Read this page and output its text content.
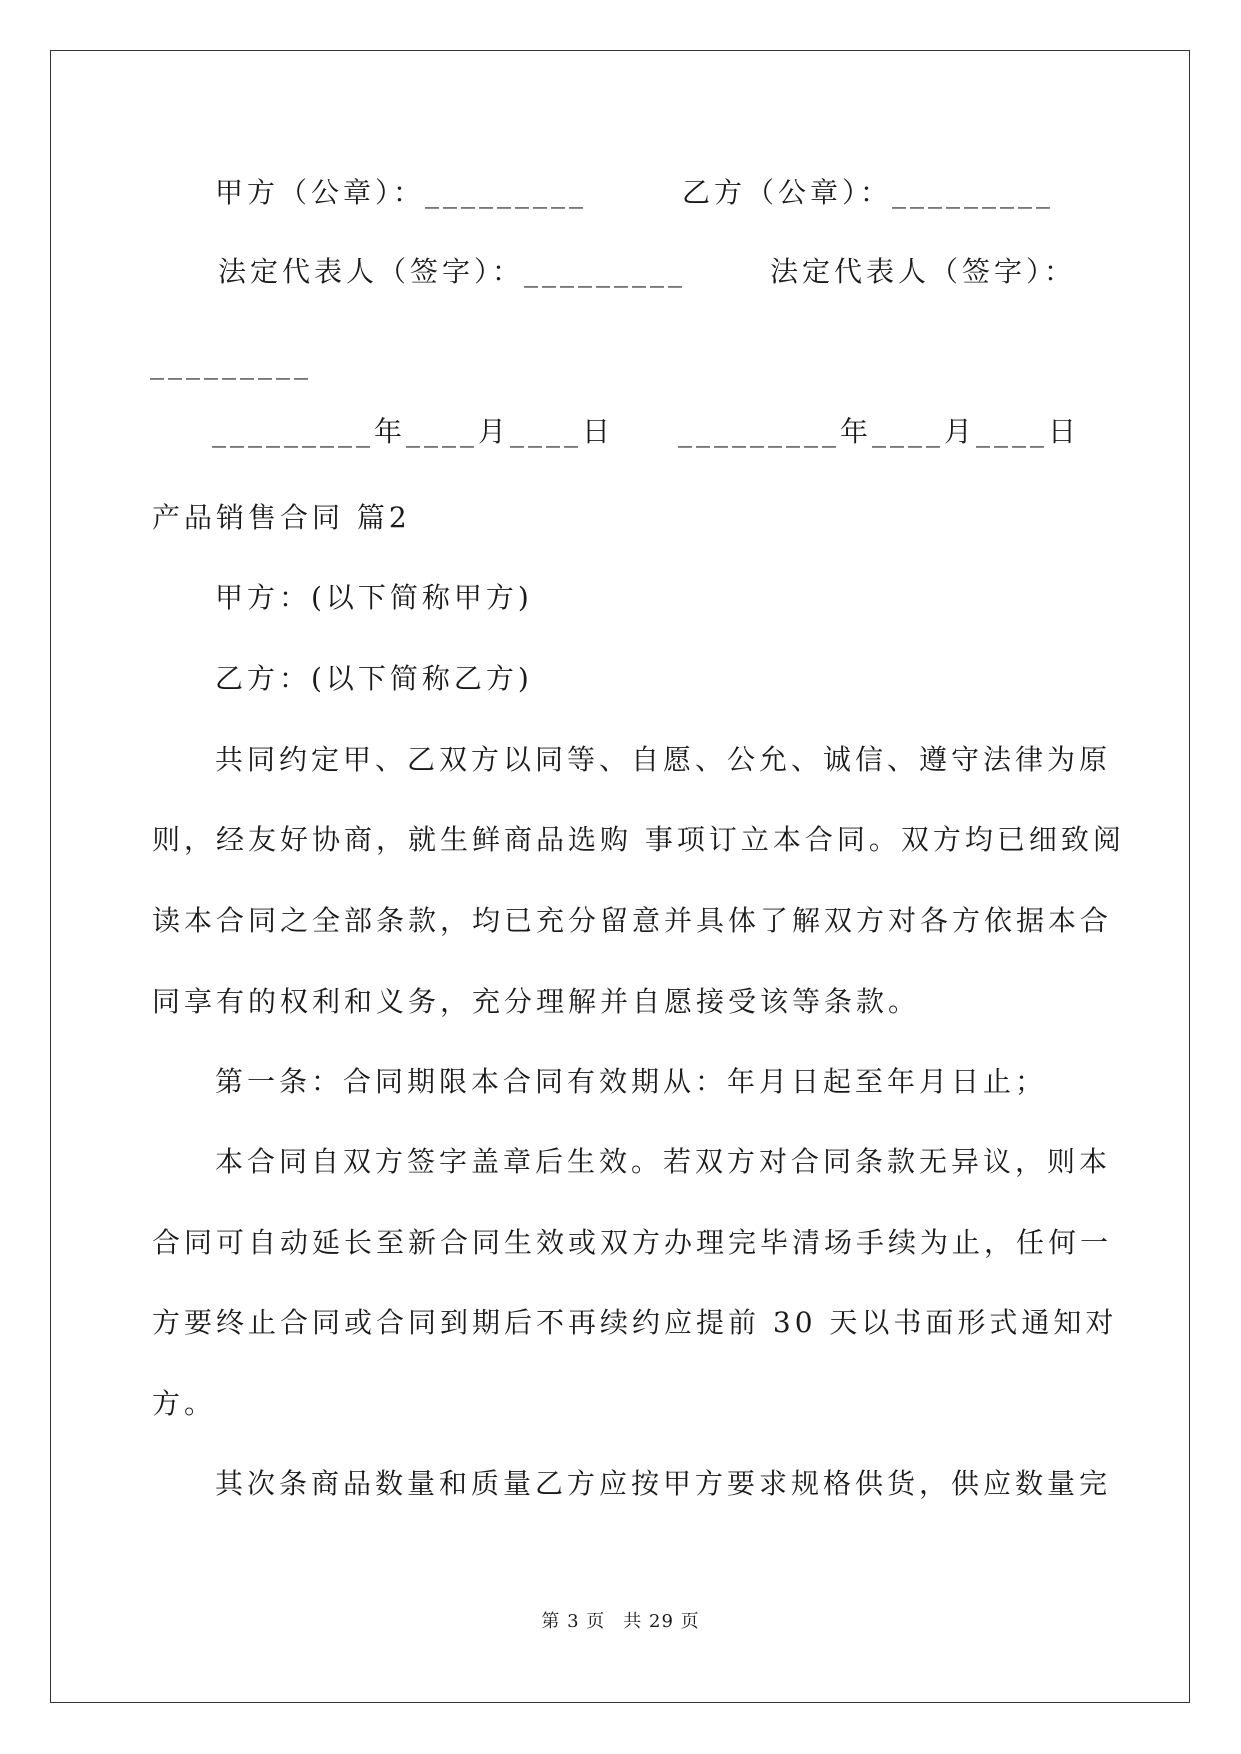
甲方（公章）：_________	乙方（公章）：_________
法定代表人（签字）：_________	法定代表人（签字）：
_________
_________年____月____日 _________年____月____日
产品销售合同 篇2
甲方：(以下简称甲方)
乙方：(以下简称乙方)
共同约定甲、乙双方以同等、自愿、公允、诚信、遵守法律为原
则，经友好协商，就生鲜商品选购 事项订立本合同。双方均已细致阅
读本合同之全部条款，均已充分留意并具体了解双方对各方依据本合
同享有的权利和义务，充分理解并自愿接受该等条款。
第一条：合同期限本合同有效期从：年月日起至年月日止；
本合同自双方签字盖章后生效。若双方对合同条款无异议，则本
合同可自动延长至新合同生效或双方办理完毕清场手续为止，任何一
方要终止合同或合同到期后不再续约应提前 30 天以书面形式通知对
方。
其次条商品数量和质量乙方应按甲方要求规格供货，供应数量完
第 3 页 共 29 页
